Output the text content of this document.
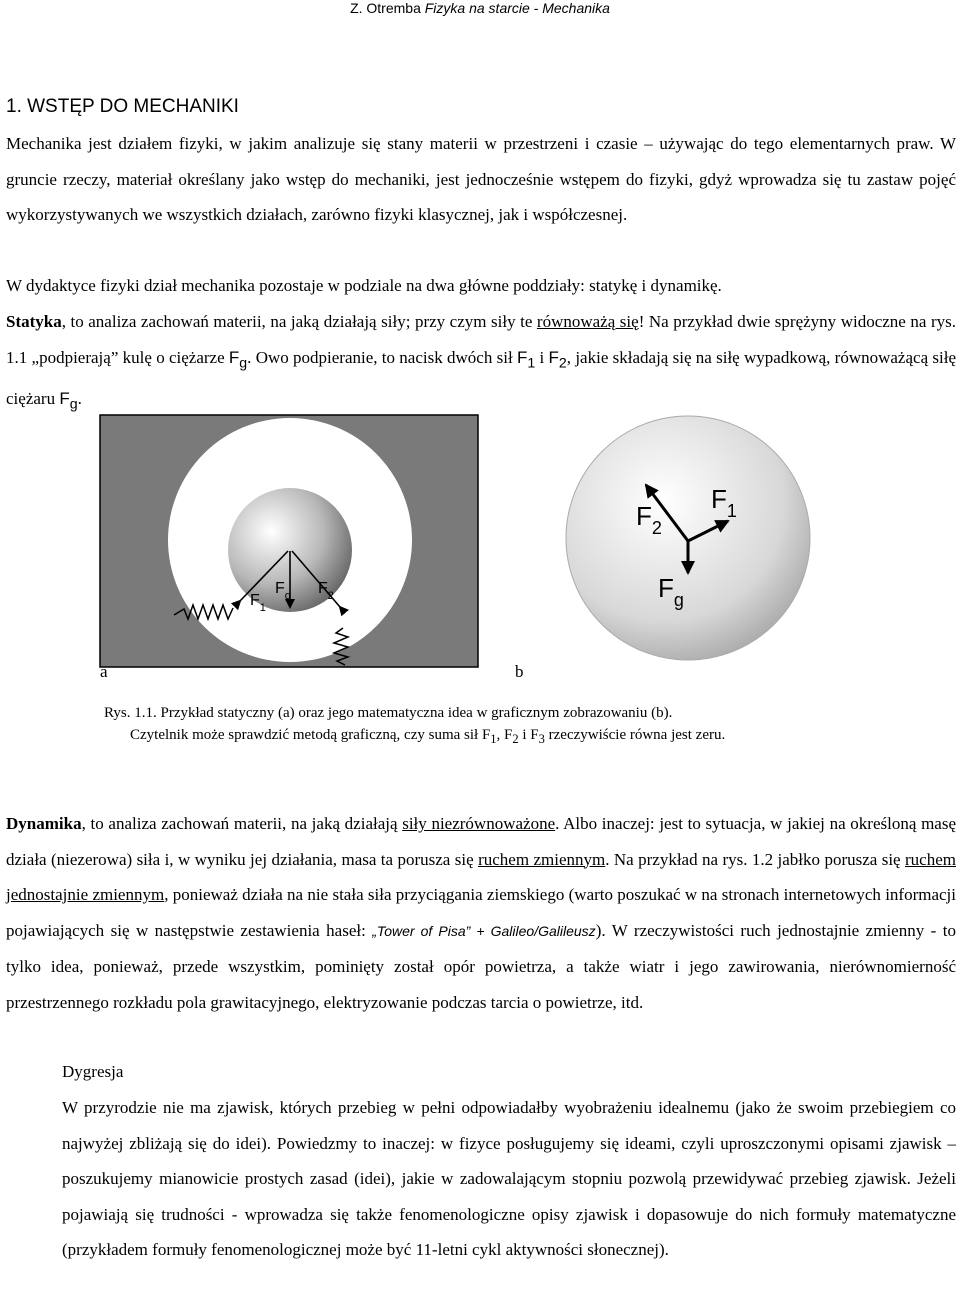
Z. Otremba Fizyka na starcie - Mechanika
1. WSTĘP DO MECHANIKI

Mechanika jest działem fizyki, w jakim analizuje się stany materii w przestrzeni i czasie – używając do tego elementarnych praw. W gruncie rzeczy, materiał określany jako wstęp do mechaniki, jest jednocześnie wstępem do fizyki, gdyż wprowadza się tu zastaw pojęć wykorzystywanych we wszystkich działach, zarówno fizyki klasycznej, jak i współczesnej.

W dydaktyce fizyki dział mechanika pozostaje w podziale na dwa główne poddziały: statykę i dynamikę.

Statyka, to analiza zachowań materii, na jaką działają siły; przy czym siły te równoważą się! Na przykład dwie sprężyny widoczne na rys. 1.1 „podpierają” kulę o ciężarze $F_g$. Owo podpieranie, to nacisk dwóch sił $F_1$ i $F_2$, jakie składają się na siłę wypadkową, równoważącą siłę ciężaru $F_g$.

$F_1$
$F_g$ $F_2$
$F_2$
$F_1$
$F_g$
a	b
Rys. 1.1. Przykład statyczny (a) oraz jego matematyczna idea w graficznym zobrazowaniu (b).
Czytelnik może sprawdzić metodą graficzną, czy suma sił $F_1$, $F_2$ i $F_3$ rzeczywiście równa jest zeru.

Dynamika, to analiza zachowań materii, na jaką działają siły niezrównoważone. Albo inaczej: jest to sytuacja, w jakiej na określoną masę działa (niezerowa) siła i, w wyniku jej działania, masa ta porusza się ruchem zmiennym. Na przykład na rys. 1.2 jabłko porusza się ruchem jednostajnie zmiennym, ponieważ działa na nie stała siła przyciągania ziemskiego (warto poszukać w na stronach internetowych informacji pojawiających się w następstwie zestawienia haseł: „Tower of Pisa” + Galileo/Galileusz). W rzeczywistości ruch jednostajnie zmienny - to tylko idea, ponieważ, przede wszystkim, pominięty został opór powietrza, a także wiatr i jego zawirowania, nierównomierność przestrzennego rozkładu pola grawitacyjnego, elektryzowanie podczas tarcia o powietrze, itd.

Dygresja

W przyrodzie nie ma zjawisk, których przebieg w pełni odpowiadałby wyobrażeniu idealnemu (jako że swoim przebiegiem co najwyżej zbliżają się do idei). Powiedzmy to inaczej: w fizyce posługujemy się ideami, czyli uproszczonymi opisami zjawisk – poszukujemy mianowicie prostych zasad (idei), jakie w zadowalającym stopniu pozwolą przewidywać przebieg zjawisk. Jeżeli pojawiają się trudności - wprowadza się także fenomenologiczne opisy zjawisk i dopasowuje do nich formuły matematyczne (przykładem formuły fenomenologicznej może być 11-letni cykl aktywności słonecznej).
